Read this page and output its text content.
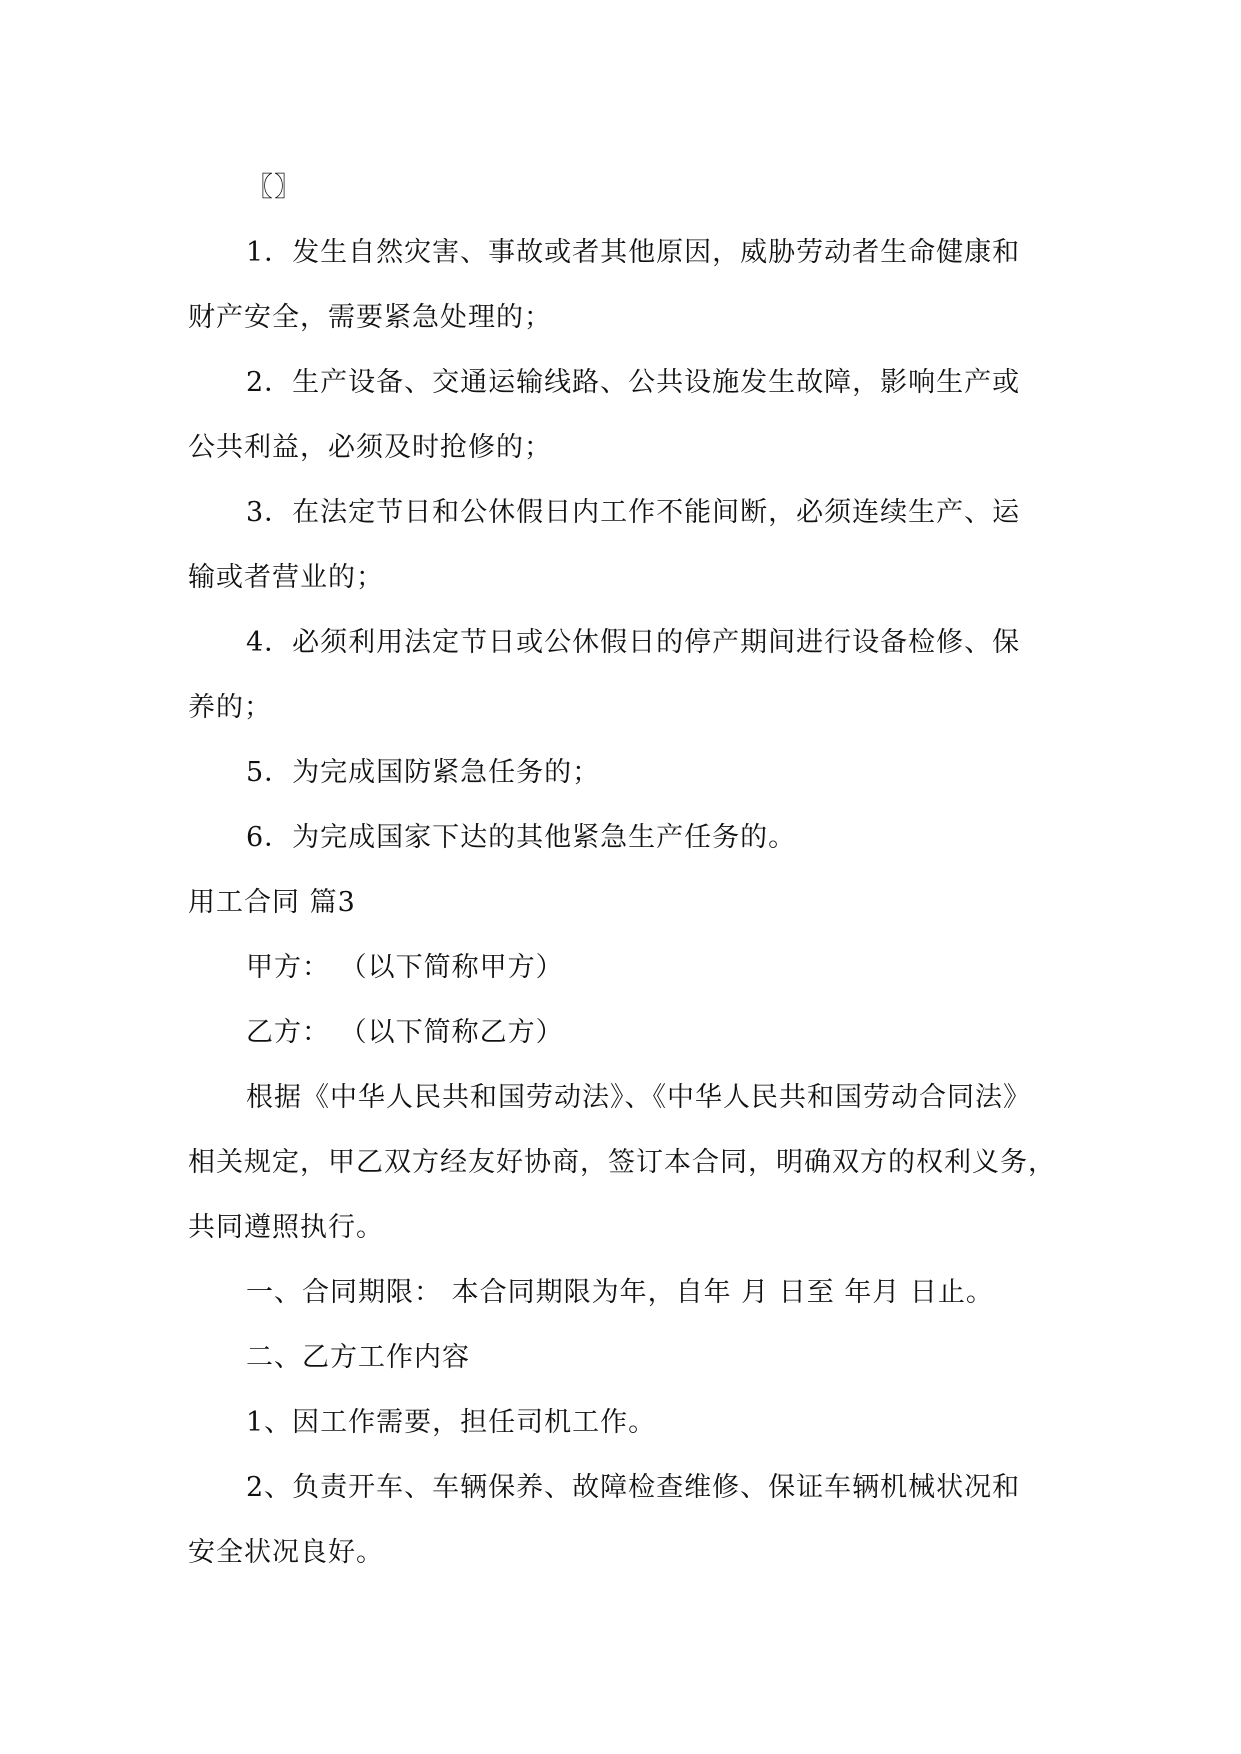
〖〗
1．发生自然灾害、事故或者其他原因，威胁劳动者生命健康和
财产安全，需要紧急处理的；
2．生产设备、交通运输线路、公共设施发生故障，影响生产或
公共利益，必须及时抢修的；
3．在法定节日和公休假日内工作不能间断，必须连续生产、运
输或者营业的；
4．必须利用法定节日或公休假日的停产期间进行设备检修、保
养的；
5．为完成国防紧急任务的；
6．为完成国家下达的其他紧急生产任务的。
用工合同 篇3
甲方： （以下简称甲方）
乙方： （以下简称乙方）
根据《中华人民共和国劳动法》、《中华人民共和国劳动合同法》
相关规定，甲乙双方经友好协商，签订本合同，明确双方的权利义务，
共同遵照执行。
一、合同期限： 本合同期限为年，自年 月 日至 年月 日止。
二、乙方工作内容
1、因工作需要，担任司机工作。
2、负责开车、车辆保养、故障检查维修、保证车辆机械状况和
安全状况良好。
